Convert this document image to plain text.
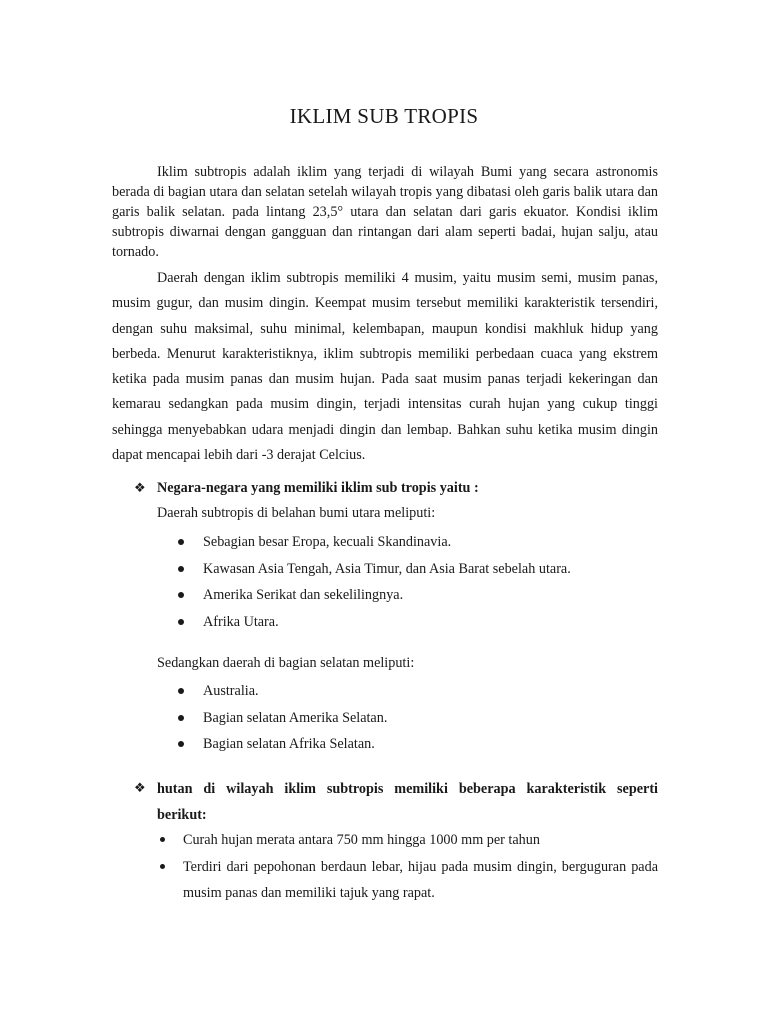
IKLIM SUB TROPIS

Iklim subtropis adalah iklim yang terjadi di wilayah Bumi yang secara astronomis berada di bagian utara dan selatan setelah wilayah tropis yang dibatasi oleh garis balik utara dan garis balik selatan. pada lintang 23,5° utara dan selatan dari garis ekuator. Kondisi iklim subtropis diwarnai dengan gangguan dan rintangan dari alam seperti badai, hujan salju, atau tornado.

Daerah dengan iklim subtropis memiliki 4 musim, yaitu musim semi, musim panas, musim gugur, dan musim dingin. Keempat musim tersebut memiliki karakteristik tersendiri, dengan suhu maksimal, suhu minimal, kelembapan, maupun kondisi makhluk hidup yang berbeda. Menurut karakteristiknya, iklim subtropis memiliki perbedaan cuaca yang ekstrem ketika pada musim panas dan musim hujan. Pada saat musim panas terjadi kekeringan dan kemarau sedangkan pada musim dingin, terjadi intensitas curah hujan yang cukup tinggi sehingga menyebabkan udara menjadi dingin dan lembap. Bahkan suhu ketika musim dingin dapat mencapai lebih dari -3 derajat Celcius.

❖ Negara-negara yang memiliki iklim sub tropis yaitu :
Daerah subtropis di belahan bumi utara meliputi:
Sebagian besar Eropa, kecuali Skandinavia.
Kawasan Asia Tengah, Asia Timur, dan Asia Barat sebelah utara.
Amerika Serikat dan sekelilingnya.
Afrika Utara.
Sedangkan daerah di bagian selatan meliputi:
Australia.
Bagian selatan Amerika Selatan.
Bagian selatan Afrika Selatan.
❖ hutan di wilayah iklim subtropis memiliki beberapa karakteristik seperti
berikut:
Curah hujan merata antara 750 mm hingga 1000 mm per tahun
Terdiri dari pepohonan berdaun lebar, hijau pada musim dingin, berguguran pada musim panas dan memiliki tajuk yang rapat.
